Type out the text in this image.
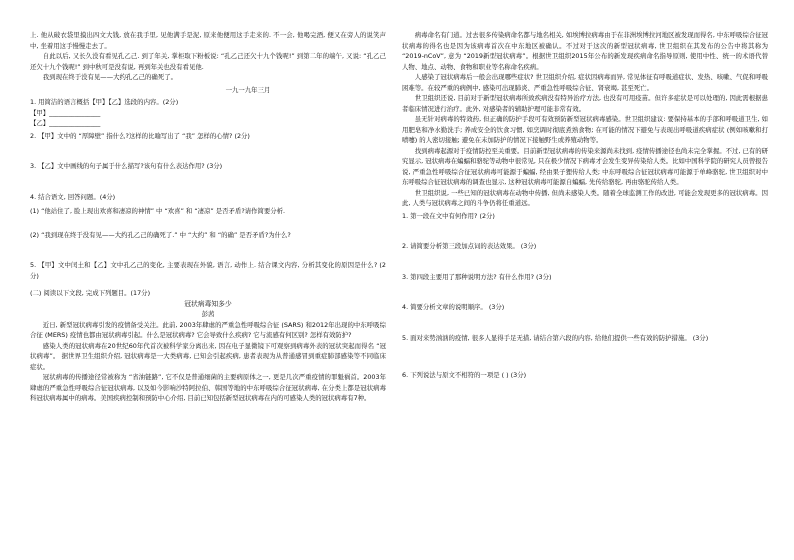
上. 他从破衣袋里摸出四文大钱, 放在我手里, 见他满手是泥, 原来他便用这手走来的. 不一会, 他喝完酒, 便又在旁人的说笑声中, 坐着用这手慢慢走去了。

自此以后, 又长久没有看见孔乙己. 到了年关, 掌柜取下粉板说: “孔乙己还欠十九个钱呢!” 到第二年的端午, 又说: “孔乙己还欠十九个钱呢!” 到中秋可是没有说, 再到年关也没有看见他.

我到现在终于没有见——大约孔乙己的确死了。

一九一九年三月

1. 用简洁的语言概括【甲】【乙】选段的内容。(2分)

【甲】________________

【乙】________________

2. 【甲】文中的 “厚障壁” 指什么?这样的比喻写出了 “我” 怎样的心情? (2分)

3. 【乙】文中画线的句子属于什么描写?该句有什么表达作用? (3分)

4. 结合语文, 回答问题。(4分)

(1) “他站住了, 脸上现出欢喜和凄凉的神情” 中 “欢喜” 和 “凄凉” 是否矛盾?请作简要分析.

(2) “我到现在终于没有见——大约孔乙己的确死了.” 中 “大约” 和 “的确” 是否矛盾?为什么?

5. 【甲】文中闰土和【乙】文中孔乙己的变化, 主要表现在外貌, 语言, 动作上. 结合课文内容, 分析其变化的原因是什么? (2分)

(二) 阅读以下文段, 完成下列题目。(17分)

冠状病毒知多少

彭茜

近日, 新型冠状病毒引发的疫情备受关注。此前, 2003年肆虐的严重急性呼吸综合征 (SARS) 和2012年出现的中东呼吸综合征 (MERS) 疫情也都由冠状病毒引起。什么是冠状病毒? 它会导致什么疾病? 它与流感有何区别? 怎样有效防护?

感染人类的冠状病毒在20世纪60年代首次被科学家分离出来, 因在电子显微镜下可观察到病毒外表的冠状突起而得名 “冠状病毒”。 据世界卫生组织介绍, 冠状病毒是一大类病毒, 已知会引起疾病, 患者表现为从普通感冒到重症肺部感染等不同临床症状。

冠状病毒的传播途径常被称为 “省油链路”, 它不仅是普通细菌的主要病原体之一, 更是几次严重疫情的罪魁祸首。2003年肆虐的严重急性呼吸综合征冠状病毒, 以及如今影响沙特阿拉伯、韩国等地的中东呼吸综合征冠状病毒, 在分类上都是冠状病毒科冠状病毒属中的病毒。美国疾病控制和预防中心介绍, 目前已知包括新型冠状病毒在内的可感染人类的冠状病毒有7种。

病毒命名有门道。过去很多传染病命名都与地名相关, 如埃博拉病毒由于在非洲埃博拉河地区被发现而得名, 中东呼吸综合征冠状病毒的得名也是因为该病毒首次在中东地区被确认。不过对于这次的新型冠状病毒, 世卫组织在其发布的公告中将其称为 “2019-nCoV”, 意为 “2019新型冠状病毒”。根据世卫组织2015年公布的新发现疾病命名指导原则, 使用中性、统一的术语代替人物、地点、动物、食物和职业等名称命名疾病。

人感染了冠状病毒后一般会出现哪些症状? 世卫组织介绍, 症状因病毒而异, 常见体征有呼吸道症状、发热、咳嗽、气促和呼吸困难等。在较严重的病例中, 感染可出现肺炎、严重急性呼吸综合征、肾衰竭, 甚至死亡。

世卫组织还说, 目前对于新型冠状病毒所致疾病没有特异治疗方法, 也没有可用疫苗。但许多症状是可以处理的, 因此需根据患者临床情况进行治疗。此外, 对感染者的辅助护理可能非常有效。

虽无针对病毒的特效药, 但正确的防护手段可有效预防新型冠状病毒感染。世卫组织建议: 要保持基本的手部和呼吸道卫生, 如用肥皂和净水勤洗手; 养成安全的饮食习惯, 如烹调时彻底煮熟食物; 在可能的情况下避免与表现出呼吸道疾病症状 (例如咳嗽和打喷嚏) 的人密切接触; 避免在未加防护的情况下接触野生或养殖动物等。

找到病毒起源对于疫情防控至关重要。目前新型冠状病毒的传染来源尚未找到, 疫情传播途径也尚未完全掌握。不过, 已有的研究显示, 冠状病毒在蝙蝠和骆驼等动物中很常见, 只在极少情况下病毒才会发生变异传染给人类。比如中国科学院的研究人员曾报告说, 严重急性呼吸综合征冠状病毒可能源于蝙蝠, 经由果子狸传给人类; 中东呼吸综合征冠状病毒可能源于单峰骆驼, 世卫组织对中东呼吸综合征冠状病毒的调查也显示, 这种冠状病毒可能源自蝙蝠, 先传给骆驼, 再由骆驼传给人类。

世卫组织说, 一些已知的冠状病毒在动物中传播, 但尚未感染人类。随着全球监测工作的改进, 可能会发现更多的冠状病毒。因此, 人类与冠状病毒之间的斗争仍将任重道远。

1. 第一段在文中有何作用? (2分)

2. 请简要分析第三段加点词的表达效果。 (3分)

3. 第四段主要用了那种说明方法? 有什么作用? (3分)

4. 简要分析文章的说明顺序。 (3分)

5. 面对来势汹汹的疫情, 很多人显得手足无措, 请结合第六段的内容, 给他们提供一些有效的防护措施。 (3分)

6. 下列说法与原文不相符的一项是 ( ) (3分)
